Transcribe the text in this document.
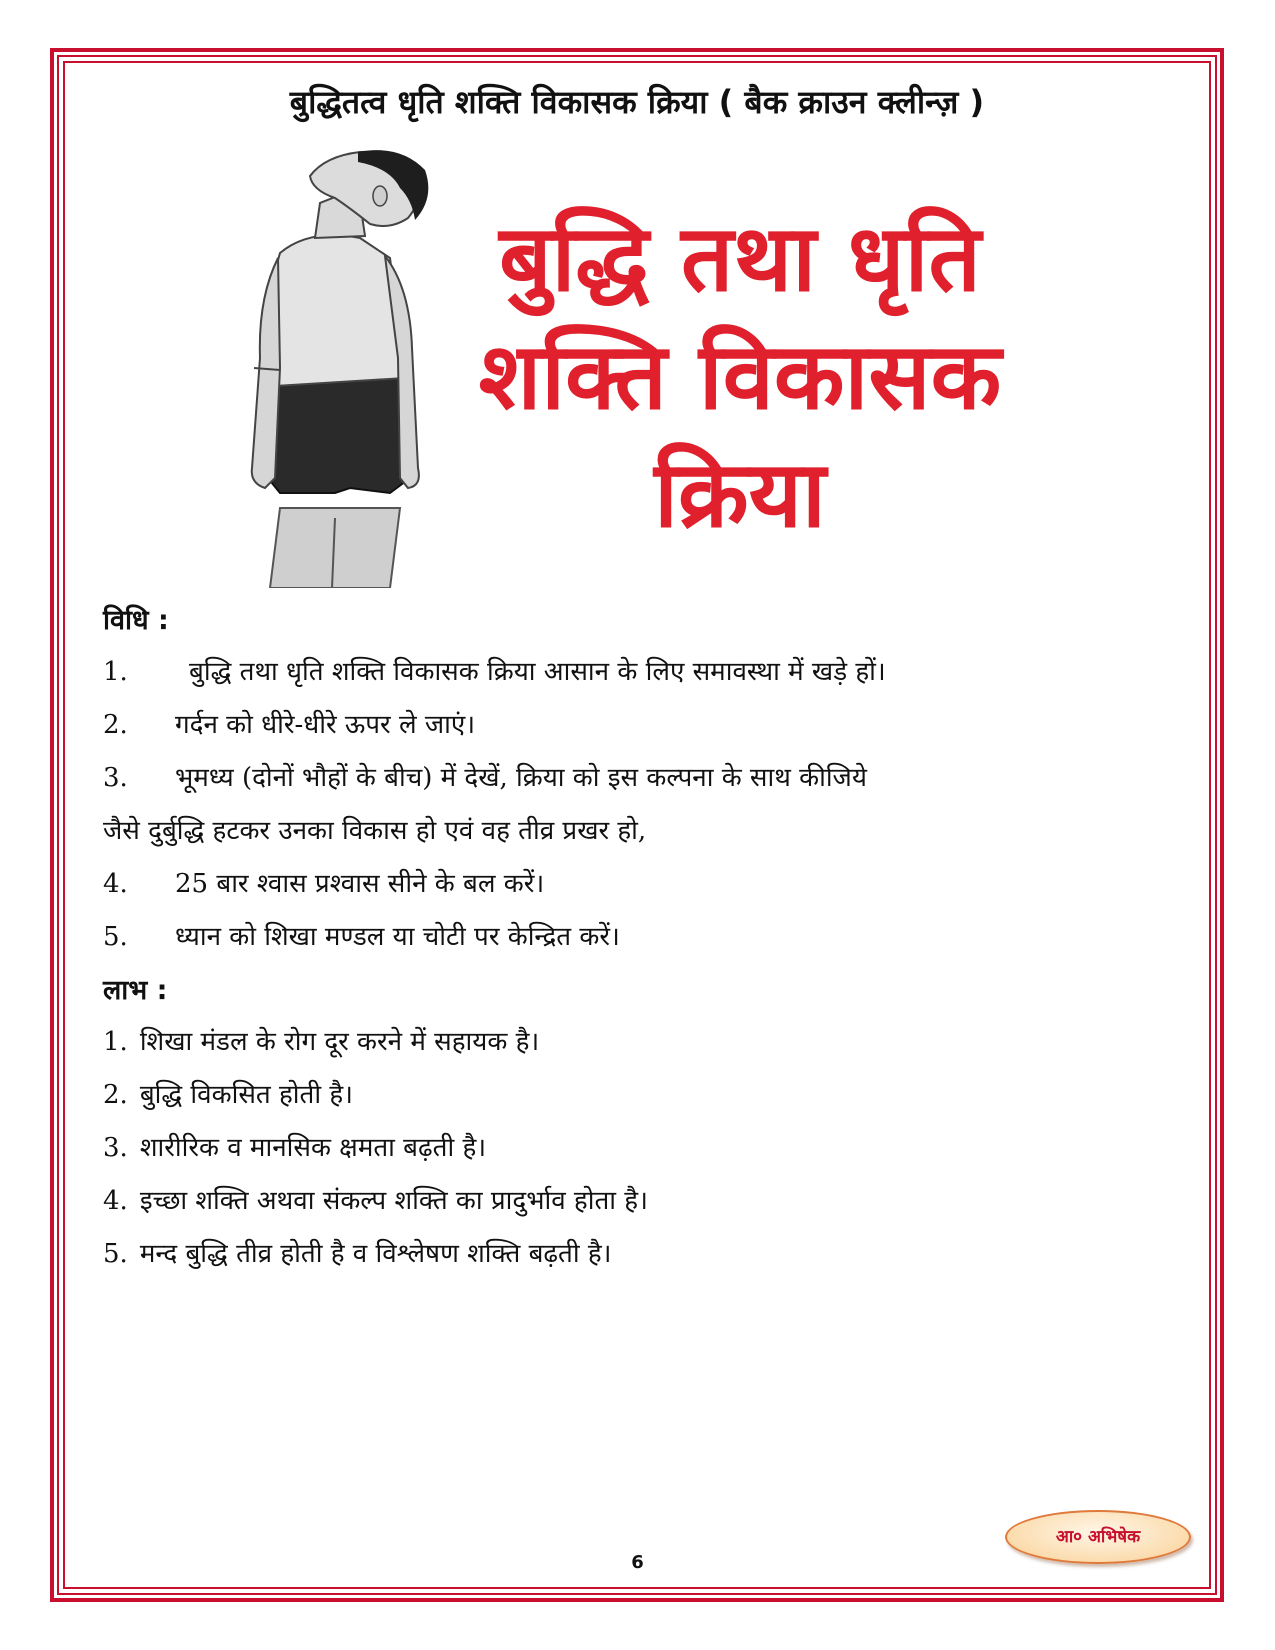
बुद्धितत्व धृति शक्ति विकासक क्रिया ( बैक क्राउन क्लीन्ज़ )
बुद्धि तथा धृति
शक्ति विकासक
क्रिया
विधि :
1. बुद्धि तथा धृति शक्ति विकासक क्रिया आसान के लिए समावस्था में खड़े हों।
2. गर्दन को धीरे-धीरे ऊपर ले जाएं।
3. भूमध्य (दोनों भौहों के बीच) में देखें, क्रिया को इस कल्पना के साथ कीजिये
जैसे दुर्बुद्धि हटकर उनका विकास हो एवं वह तीव्र प्रखर हो,
4. 25 बार श्वास प्रश्वास सीने के बल करें।
5. ध्यान को शिखा मण्डल या चोटी पर केन्द्रित करें।
लाभ :
1. शिखा मंडल के रोग दूर करने में सहायक है।
2. बुद्धि विकसित होती है।
3. शारीरिक व मानसिक क्षमता बढ़ती है।
4. इच्छा शक्ति अथवा संकल्प शक्ति का प्रादुर्भाव होता है।
5. मन्द बुद्धि तीव्र होती है व विश्लेषण शक्ति बढ़ती है।
आ० अभिषेक
6
